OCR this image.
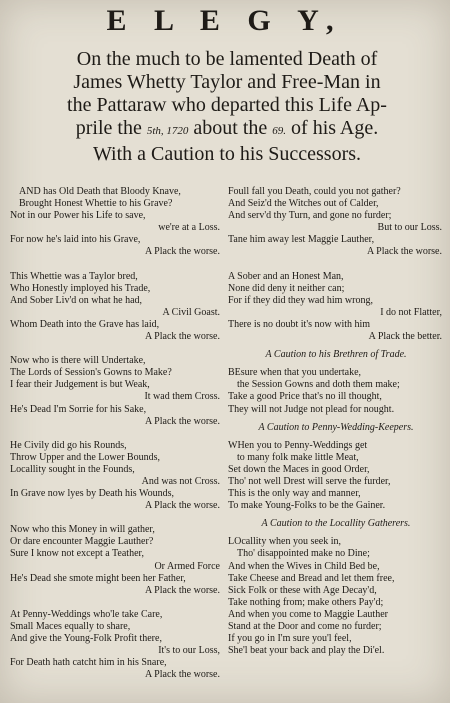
E L E G Y,
On the much to be lamented Death of
James Whetty Taylor and Free-Man in
the Pattaraw who departed this Life Ap-
prile the 5th, 1720 about the 69. of his Age.
With a Caution to his Successors.
AND has Old Death that Bloody Knave,
Brought Honest Whettie to his Grave?
Not in our Power his Life to save,
we're at a Loss.
For now he's laid into his Grave,
A Plack the worse.
This Whettie was a Taylor bred,
Who Honestly imployed his Trade,
And Sober Liv'd on what he had,
A Civil Goast.
Whom Death into the Grave has laid,
A Plack the worse.
Now who is there will Undertake,
The Lords of Session's Gowns to Make?
I fear their Judgement is but Weak,
It wad them Cross.
He's Dead I'm Sorrie for his Sake,
A Plack the worse.
He Civily did go his Rounds,
Throw Upper and the Lower Bounds,
Locallity sought in the Founds,
And was not Cross.
In Grave now lyes by Death his Wounds,
A Plack the worse.
Now who this Money in will gather,
Or dare encounter Maggie Lauther?
Sure I know not except a Teather,
Or Armed Force
He's Dead she smote might been her Father,
A Plack the worse.
At Penny-Weddings who'le take Care,
Small Maces equally to share,
And give the Young-Folk Profit there,
It's to our Loss,
For Death hath catcht him in his Snare,
A Plack the worse.
Foull fall you Death, could you not gather?
And Seiz'd the Witches out of Calder,
And serv'd thy Turn, and gone no furder;
But to our Loss.
Tane him away lest Maggie Lauther,
A Plack the worse.
A Sober and an Honest Man,
None did deny it neither can;
For if they did they wad him wrong,
I do not Flatter,
There is no doubt it's now with him
A Plack the better.
A Caution to his Brethren of Trade.
BEsure when that you undertake,
the Session Gowns and doth them make;
Take a good Price that's no ill thought,
They will not Judge not plead for nought.
A Caution to Penny-Wedding-Keepers.
WHen you to Penny-Weddings get
to many folk make little Meat,
Set down the Maces in good Order,
Tho' not well Drest will serve the furder,
This is the only way and manner,
To make Young-Folks to be the Gainer.
A Caution to the Locallity Gatherers.
LOcallity when you seek in,
Tho' disappointed make no Dine;
And when the Wives in Child Bed be,
Take Cheese and Bread and let them free,
Sick Folk or these with Age Decay'd,
Take nothing from; make others Pay'd;
And when you come to Maggie Lauther
Stand at the Door and come no furder;
If you go in I'm sure you'l feel,
She'l beat your back and play the Di'el.
